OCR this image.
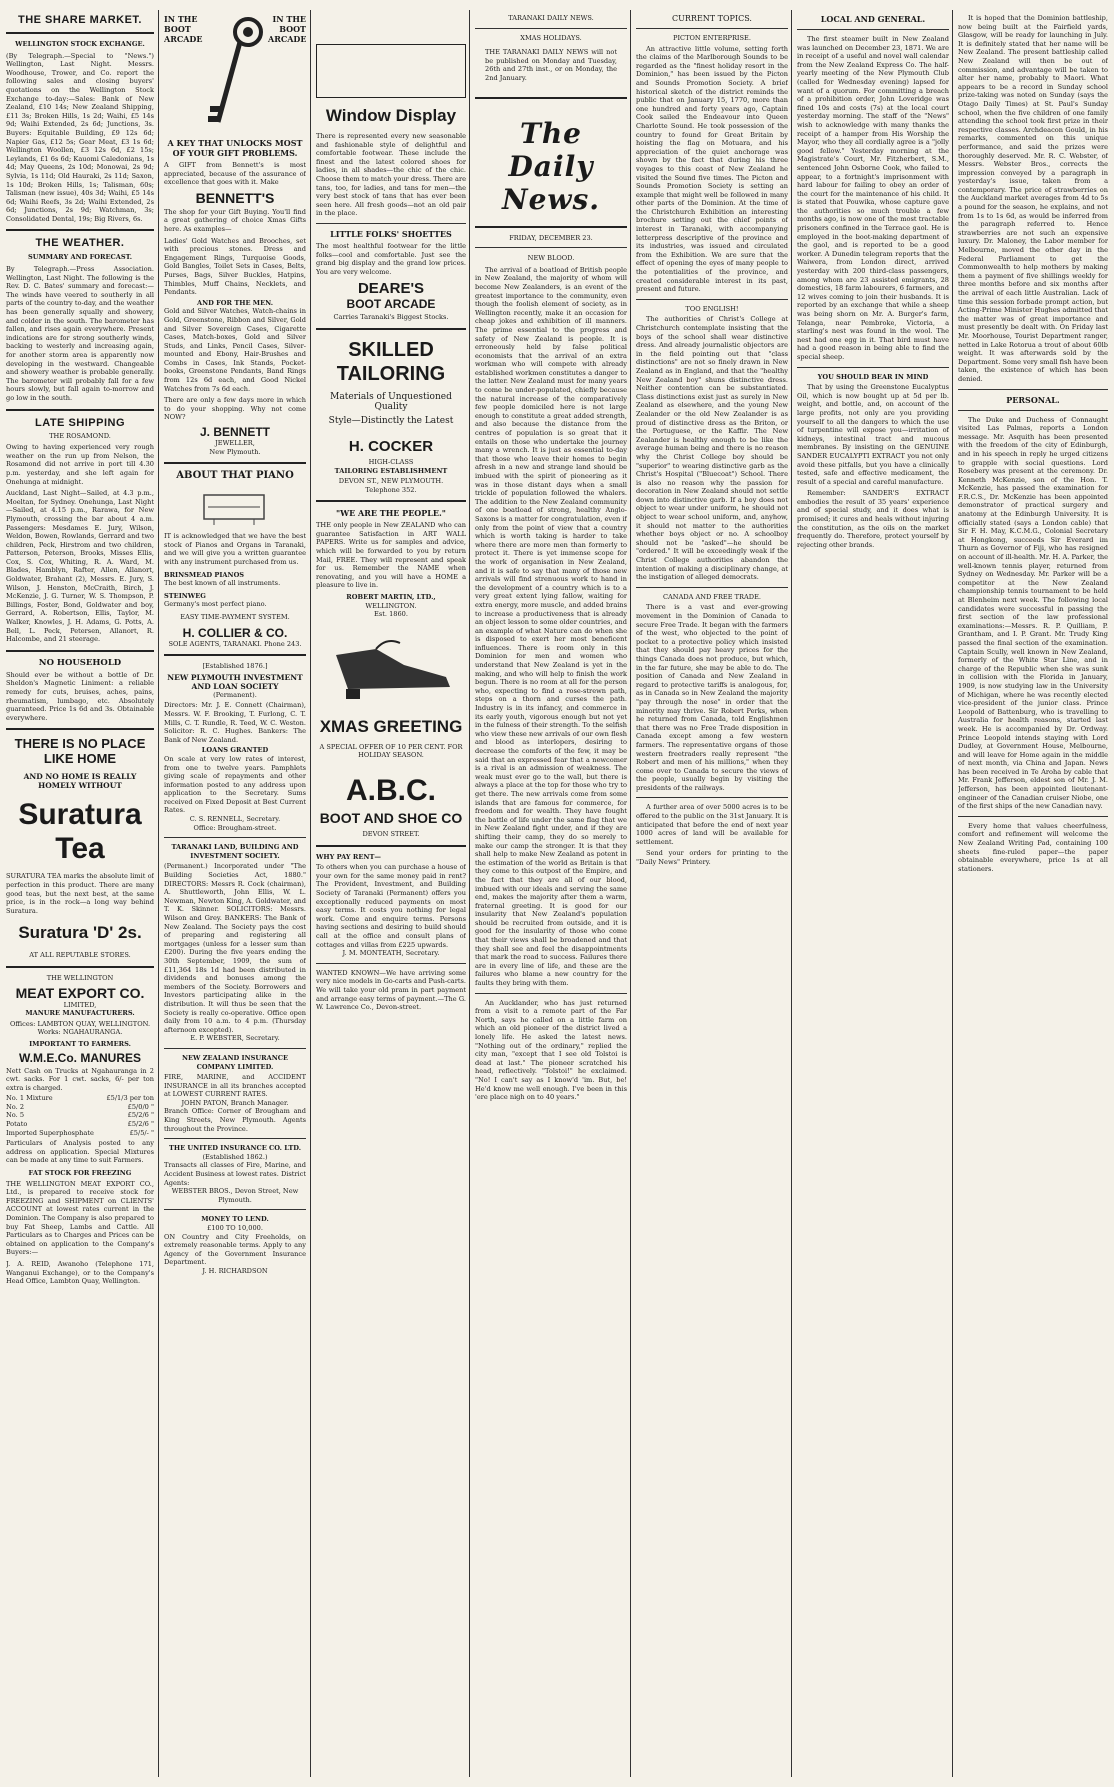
THE SHARE MARKET.
WELLINGTON STOCK EXCHANGE.

(By Telegraph.—Special to "News.") Wellington, Last Night. Messrs. Woodhouse, Trower, and Co. report the following sales and closing buyers' quotations on the Wellington Stock Exchange to-day:—Sales: Bank of New Zealand, £10 14s; New Zealand Shipping, £11 3s; Broken Hills, 1s 2d; Waihi, £5 14s 9d; Waihi Extended, 2s 6d; Junctions, 3s. Buyers: Equitable Building, £9 12s 6d; Napier Gas, £12 5s; Gear Meat, £3 1s 6d; Wellington Woollen, £3 12s 6d, £2 15s; Leylands, £1 6s 6d; Kauomi Caledonians, 1s 4d; May Queens, 2s 10d; Monowai, 2s 9d; Sylvia, 1s 11d; Old Hauraki, 2s 11d; Saxon, 1s 10d; Broken Hills, 1s; Talisman, 60s; Talisman (new issue), 40s 3d; Waihi, £5 14s 6d; Waihi Reefs, 3s 2d; Waihi Extended, 2s 6d; Junctions, 2s 9d; Watchman, 3s; Consolidated Dental, 19s; Big Rivers, 6s.

THE WEATHER.
SUMMARY AND FORECAST.

By Telegraph.—Press Association. Wellington, Last Night. The following is the Rev. D. C. Bates' summary and forecast:—The winds have veered to southerly in all parts of the country to-day, and the weather has been generally squally and showery, and colder in the south. The barometer has fallen, and rises again everywhere. Present indications are for strong southerly winds, backing to westerly and increasing again, for another storm area is apparently now developing in the westward. Changeable and showery weather is probable generally. The barometer will probably fall for a few hours slowly, but fall again to-morrow and go low in the south.

LATE SHIPPING
THE ROSAMOND.

Owing to having experienced very rough weather on the run up from Nelson, the Rosamond did not arrive in port till 4.30 p.m. yesterday, and she left again for Onehunga at midnight.

Auckland, Last Night—Sailed, at 4.3 p.m., Moeltan, for Sydney. Onehunga, Last Night—Sailed, at 4.15 p.m., Rarawa, for New Plymouth, crossing the bar about 4 a.m. Passengers: Mesdames E. Jury, Wilson, Weldon, Bowen, Rowlands, Gerrard and two children, Peck, Hirstrom and two children, Patterson, Peterson, Brooks, Misses Ellis, Cox, S. Cox, Whiting, R. A. Ward, M. Blades, Hamblyn, Rafter, Allen, Allanort, Goldwater, Brahant (2), Messrs. E. Jury, S. Wilson, J. Henston, McCraith, Birch, J. McKenzie, J. G. Turner, W. S. Thompson, P. Billings, Foster, Bond, Goldwater and boy, Gerrard, A. Robertson, Ellis, Taylor, M. Walker, Knowles, J. H. Adams, G. Potts, A. Bell, L. Peck, Petersen, Allanort, R. Halcombe, and 21 steerage.

NO HOUSEHOLD

Should ever be without a bottle of Dr. Sheldon's Magnetic Liniment: a reliable remedy for cuts, bruises, aches, pains, rheumatism, lumbago, etc. Absolutely guaranteed. Price 1s 6d and 3s. Obtainable everywhere.

THERE IS NO PLACE LIKE HOME
AND NO HOME IS REALLY HOMELY WITHOUT
Suratura
Tea

SURATURA TEA marks the absolute limit of perfection in this product. There are many good teas, but the next best, at the same price, is in the rock—a long way behind Suratura.

Suratura 'D' 2s.
AT ALL REPUTABLE STORES.
THE WELLINGTON
MEAT EXPORT CO.
LIMITED,
MANURE MANUFACTURERS.

Offices: LAMBTON QUAY, WELLINGTON. Works: NGAHAURANGA.

IMPORTANT TO FARMERS.
W.M.E.Co. MANURES

Nett Cash on Trucks at Ngahauranga in 2 cwt. sacks. For 1 cwt. sacks, 6/- per ton extra is charged.

No. 1 Mixture	£5/1/3 per ton
No. 2	£5/0/0 "
No. 5	£5/2/6 "
Potato	£5/2/6 "
Imported Superphosphate	£5/5/- "

Particulars of Analysis posted to any address on application. Special Mixtures can be made at any time to suit Farmers.

FAT STOCK FOR FREEZING

THE WELLINGTON MEAT EXPORT CO., Ltd., is prepared to receive stock for FREEZING and SHIPMENT on CLIENTS' ACCOUNT at lowest rates current in the Dominion. The Company is also prepared to buy Fat Sheep, Lambs and Cattle. All Particulars as to Charges and Prices can be obtained on application to the Company's Buyers:—

J. A. REID, Awanoho (Telephone 171, Wanganui Exchange), or to the Company's Head Office, Lambton Quay, Wellington.

IN THE BOOT ARCADE
IN THE BOOT ARCADE
A KEY THAT UNLOCKS MOST OF YOUR GIFT PROBLEMS.

A GIFT from Bennett's is most appreciated, because of the assurance of excellence that goes with it. Make

BENNETT'S

The shop for your Gift Buying. You'll find a great gathering of choice Xmas Gifts here. As examples—

Ladies' Gold Watches and Brooches, set with precious stones. Dress and Engagement Rings, Turquoise Goods, Gold Bangles, Toilet Sets in Cases, Belts, Purses, Bags, Silver Buckles, Hatpins, Thimbles, Muff Chains, Necklets, and Pendants.

AND FOR THE MEN.

Gold and Silver Watches, Watch-chains in Gold, Greenstone, Ribbon and Silver, Gold and Silver Sovereign Cases, Cigarette Cases, Match-boxes, Gold and Silver Studs, and Links, Pencil Cases, Silver-mounted and Ebony, Hair-Brushes and Combs in Cases, Ink Stands, Pocket-books, Greenstone Pendants, Band Rings from 12s 6d each, and Good Nickel Watches from 7s 6d each.

There are only a few days more in which to do your shopping. Why not come NOW?

J. BENNETT
JEWELLER,
New Plymouth.
ABOUT THAT PIANO

IT is acknowledged that we have the best stock of Pianos and Organs in Taranaki, and we will give you a written guarantee with any instrument purchased from us.

BRINSMEAD PIANOS

The best known of all instruments.

STEINWEG

Germany's most perfect piano.

EASY TIME-PAYMENT SYSTEM.
H. COLLIER & CO.

SOLE AGENTS, TARANAKI. Phone 243.

[Established 1876.]
NEW PLYMOUTH INVESTMENT AND LOAN SOCIETY
(Permanent).

Directors: Mr. J. E. Connett (Chairman), Messrs. W. F. Brooking, T. Furlong, C. T. Mills, C. T. Rundle, R. Teed, W. C. Weston. Solicitor: R. C. Hughes. Bankers: The Bank of New Zealand.

LOANS GRANTED

On scale at very low rates of interest, from one to twelve years. Pamphlets giving scale of repayments and other information posted to any address upon application to the Secretary. Sums received on Fixed Deposit at Best Current Rates.

C. S. RENNELL, Secretary.
Office: Brougham-street.
TARANAKI LAND, BUILDING AND INVESTMENT SOCIETY.

(Permanent.) Incorporated under "The Building Societies Act, 1880." DIRECTORS: Messrs R. Cock (chairman), A. Shuttleworth, John Ellis, W. L. Newman, Newton King, A. Goldwater, and T. K. Skinner. SOLICITORS: Messrs. Wilson and Grey. BANKERS: The Bank of New Zealand. The Society pays the cost of preparing and registering all mortgages (unless for a lesser sum than £200). During the five years ending the 30th September, 1909, the sum of £11,364 18s 1d had been distributed in dividends and bonuses among the members of the Society. Borrowers and Investors participating alike in the distribution. It will thus be seen that the Society is really co-operative. Office open daily from 10 a.m. to 4 p.m. (Thursday afternoon excepted).

E. P. WEBSTER, Secretary.
NEW ZEALAND INSURANCE COMPANY LIMITED.

FIRE, MARINE, and ACCIDENT INSURANCE in all its branches accepted at LOWEST CURRENT RATES.

JOHN PATON, Branch Manager.

Branch Office: Corner of Brougham and King Streets, New Plymouth. Agents throughout the Province.

THE UNITED INSURANCE CO. LTD.
(Established 1862.)

Transacts all classes of Fire, Marine, and Accident Business at lowest rates. District Agents:

WEBSTER BROS., Devon Street, New Plymouth.
MONEY TO LEND.
£100 TO 10,000.

ON Country and City Freeholds, on extremely reasonable terms. Apply to any Agency of the Government Insurance Department.

J. H. RICHARDSON
Window Display

There is represented every new seasonable and fashionable style of delightful and comfortable footwear. These include the finest and the latest colored shoes for ladies, in all shades—the chic of the chic. Choose them to match your dress. There are tans, too, for ladies, and tans for men—the very best stock of tans that has ever been seen here. All fresh goods—not an old pair in the place.

LITTLE FOLKS' SHOETTES

The most healthful footwear for the little folks—cool and comfortable. Just see the grand big display and the grand low prices. You are very welcome.

DEARE'S
BOOT ARCADE
Carries Taranaki's Biggest Stocks.
SKILLED TAILORING
Materials of Unquestioned Quality
Style—Distinctly the Latest
H. COCKER
HIGH-CLASS
TAILORING ESTABLISHMENT
DEVON ST., NEW PLYMOUTH.
Telephone 352.
"WE ARE THE PEOPLE."

THE only people in New ZEALAND who can guarantee Satisfaction in ART WALL PAPERS. Write us for samples and advice, which will be forwarded to you by return Mail, FREE. They will represent and speak for us. Remember the NAME when renovating, and you will have a HOME a pleasure to live in.

ROBERT MARTIN, LTD.,
WELLINGTON.
Est. 1860.
XMAS GREETING
A SPECIAL OFFER OF 10 PER CENT. FOR HOLIDAY SEASON.
A.B.C.
BOOT AND SHOE CO
DEVON STREET.
WHY PAY RENT—

To others when you can purchase a house of your own for the same money paid in rent? The Provident, Investment, and Building Society of Taranaki (Permanent) offers you exceptionally reduced payments on most easy terms. It costs you nothing for legal work. Come and enquire terms. Persons having sections and desiring to build should call at the office and consult plans of cottages and villas from £225 upwards.

J. M. MONTEATH, Secretary.

WANTED KNOWN—We have arriving some very nice models in Go-carts and Push-carts. We will take your old pram in part payment and arrange easy terms of payment.—The G. W. Lawrence Co., Devon-street.

TARANAKI DAILY NEWS.
XMAS HOLIDAYS.

THE TARANAKI DAILY NEWS will not be published on Monday and Tuesday, 26th and 27th inst., or on Monday, the 2nd January.

The Daily News.
FRIDAY, DECEMBER 23.
NEW BLOOD.

The arrival of a boatload of British people in New Zealand, the majority of whom will become New Zealanders, is an event of the greatest importance to the community, even though the foolish element of society, as in Wellington recently, make it an occasion for cheap jokes and exhibition of ill manners. The prime essential to the progress and safety of New Zealand is people. It is erroneously held by false political economists that the arrival of an extra workman who will compete with already established workmen constitutes a danger to the latter. New Zealand must for many years to come be under-populated, chiefly because the natural increase of the comparatively few people domiciled here is not large enough to constitute a great added strength, and also because the distance from the centres of population is so great that it entails on those who undertake the journey many a wrench. It is just as essential to-day that those who leave their homes to begin afresh in a new and strange land should be imbued with the spirit of pioneering as it was in those distant days when a small trickle of population followed the whalers. The addition to the New Zealand community of one boatload of strong, healthy Anglo-Saxons is a matter for congratulation, even if only from the point of view that a country which is worth taking is harder to take where there are more men than formerly to protect it. There is yet immense scope for the work of organisation in New Zealand, and it is safe to say that many of those new arrivals will find strenuous work to hand in the development of a country which is to a very great extent lying fallow, waiting for extra energy, more muscle, and added brains to increase a productiveness that is already an object lesson to some older countries, and an example of what Nature can do when she is disposed to exert her most beneficent influences. There is room only in this Dominion for men and women who understand that New Zealand is yet in the making, and who will help to finish the work begun. There is no room at all for the person who, expecting to find a rose-strewn path, steps on a thorn and curses the path. Industry is in its infancy, and commerce in its early youth, vigorous enough but not yet in the fulness of their strength. To the selfish who view these new arrivals of our own flesh and blood as interlopers, desiring to decrease the comforts of the few, it may be said that an expressed fear that a newcomer is a rival is an admission of weakness. The weak must ever go to the wall, but there is always a place at the top for those who try to get there. The new arrivals come from some islands that are famous for commerce, for freedom and for wealth. They have fought the battle of life under the same flag that we in New Zealand fight under, and if they are shifting their camp, they do so merely to make our camp the stronger. It is that they shall help to make New Zealand as potent in the estimation of the world as Britain is that they come to this outpost of the Empire, and the fact that they are all of our blood, imbued with our ideals and serving the same end, makes the majority after them a warm, fraternal greeting. It is good for our insularity that New Zealand's population should be recruited from outside, and it is good for the insularity of those who come that their views shall be broadened and that they shall see and feel the disappointments that mark the road to success. Failures there are in every line of life, and these are the failures who blame a new country for the faults they bring with them.

An Aucklander, who has just returned from a visit to a remote part of the Far North, says he called on a little farm on which an old pioneer of the district lived a lonely life. He asked the latest news. "Nothing out of the ordinary," replied the city man, "except that I see old Tolstoi is dead at last." The pioneer scratched his head, reflectively. "Tolstoi!" he exclaimed. "No! I can't say as I know'd 'im. But, be! He'd know me well enough. I've been in this 'ere place nigh on to 40 years."

CURRENT TOPICS.
PICTON ENTERPRISE.

An attractive little volume, setting forth the claims of the Marlborough Sounds to be regarded as the "finest holiday resort in the Dominion," has been issued by the Picton and Sounds Promotion Society. A brief historical sketch of the district reminds the public that on January 15, 1770, more than one hundred and forty years ago, Captain Cook sailed the Endeavour into Queen Charlotte Sound. He took possession of the country to found for Great Britain by hoisting the flag on Motuara, and his appreciation of the quiet anchorage was shown by the fact that during his three voyages to this coast of New Zealand he visited the Sound five times. The Picton and Sounds Promotion Society is setting an example that might well be followed in many other parts of the Dominion. At the time of the Christchurch Exhibition an interesting brochure setting out the chief points of interest in Taranaki, with accompanying letterpress descriptive of the province and its industries, was issued and circulated from the Exhibition. We are sure that the effect of opening the eyes of many people to the potentialities of the province, and created considerable interest in its past, present and future.

TOO ENGLISH!

The authorities of Christ's College at Christchurch contemplate insisting that the boys of the school shall wear distinctive dress. And already journalistic objectors are in the field pointing out that "class distinctions" are not so finely drawn in New Zealand as in England, and that the "healthy New Zealand boy" shuns distinctive dress. Neither contention can be substantiated. Class distinctions exist just as surely in New Zealand as elsewhere, and the young New Zealander or the old New Zealander is as proud of distinctive dress as the Briton, or the Portuguese, or the Kaffir. The New Zealander is healthy enough to be like the average human being and there is no reason why the Christ College boy should be "superior" to wearing distinctive garb as the Christ's Hospital ("Bluecoat") School. There is also no reason why the passion for decoration in New Zealand should not settle down into distinctive garb. If a boy does not object to wear under uniform, he should not object to wear school uniform, and, anyhow, it should not matter to the authorities whether boys object or no. A schoolboy should not be "asked"—he should be "ordered." It will be exceedingly weak if the Christ College authorities abandon the intention of making a disciplinary change, at the instigation of alleged democrats.

CANADA AND FREE TRADE.

There is a vast and ever-growing movement in the Dominion of Canada to secure Free Trade. It began with the farmers of the west, who objected to the point of pocket to a protective policy which insisted that they should pay heavy prices for the things Canada does not produce, but which, in the far future, she may be able to do. The position of Canada and New Zealand in regard to protective tariffs is analogous, for, as in Canada so in New Zealand the majority "pay through the nose" in order that the minority may thrive. Sir Robert Perks, when he returned from Canada, told Englishmen that there was no Free Trade disposition in Canada except among a few western farmers. The representative organs of those western freetraders really represent "the Robert and men of his millions," when they come over to Canada to secure the views of the people, usually begin by visiting the presidents of the railways.

A further area of over 5000 acres is to be offered to the public on the 31st January. It is anticipated that before the end of next year 1000 acres of land will be available for settlement.

Send your orders for printing to the "Daily News" Printery.

LOCAL AND GENERAL.

The first steamer built in New Zealand was launched on December 23, 1871. We are in receipt of a useful and novel wall calendar from the New Zealand Express Co. The half-yearly meeting of the New Plymouth Club (called for Wednesday evening) lapsed for want of a quorum. For committing a breach of a prohibition order, John Loveridge was fined 10s and costs (7s) at the local court yesterday morning. The staff of the "News" wish to acknowledge with many thanks the receipt of a hamper from His Worship the Mayor, who they all cordially agree is a "jolly good fellow." Yesterday morning at the Magistrate's Court, Mr. Fitzherbert, S.M., sentenced John Osborne Cook, who failed to appear, to a fortnight's imprisonment with hard labour for failing to obey an order of the court for the maintenance of his child. It is stated that Pouwika, whose capture gave the authorities so much trouble a few months ago, is now one of the most tractable prisoners confined in the Terrace gaol. He is employed in the boot-making department of the gaol, and is reported to be a good worker. A Dunedin telegram reports that the Waiwera, from London direct, arrived yesterday with 200 third-class passengers, among whom are 23 assisted emigrants, 28 domestics, 18 farm labourers, 6 farmers, and 12 wives coming to join their husbands. It is reported by an exchange that while a sheep was being shorn on Mr. A. Burger's farm, Telanga, near Pembroke, Victoria, a starling's nest was found in the wool. The nest had one egg in it. That bird must have had a good reason in being able to find the special sheep.

YOU SHOULD BEAR IN MIND

That by using the Greenstone Eucalyptus Oil, which is now bought up at 5d per lb. weight, and bottle, and, on account of the large profits, not only are you providing yourself to all the dangers to which the use of turpentine will expose you—irritation of kidneys, intestinal tract and mucous membranes. By insisting on the GENUINE SANDER EUCALYPTI EXTRACT you not only avoid these pitfalls, but you have a clinically tested, safe and effective medicament, the result of a special and careful manufacture.

Remember: SANDER'S EXTRACT embodies the result of 35 years' experience and of special study, and it does what is promised; it cures and heals without injuring the constitution, as the oils on the market frequently do. Therefore, protect yourself by rejecting other brands.

It is hoped that the Dominion battleship, now being built at the Fairfield yards, Glasgow, will be ready for launching in July. It is definitely stated that her name will be New Zealand. The present battleship called New Zealand will then be out of commission, and advantage will be taken to alter her name, probably to Maori. What appears to be a record in Sunday school prize-taking was noted on Sunday (says the Otago Daily Times) at St. Paul's Sunday school, when the five children of one family attending the school took first prize in their respective classes. Archdeacon Gould, in his remarks, commented on this unique performance, and said the prizes were thoroughly deserved. Mr. R. C. Webster, of Messrs. Webster Bros., corrects the impression conveyed by a paragraph in yesterday's issue, taken from a contemporary. The price of strawberries on the Auckland market averages from 4d to 5s a pound for the season, he explains, and not from 1s to 1s 6d, as would be inferred from the paragraph referred to. Hence strawberries are not such an expensive luxury. Dr. Maloney, the Labor member for Melbourne, moved the other day in the Federal Parliament to get the Commonwealth to help mothers by making them a payment of five shillings weekly for three months before and six months after the arrival of each little Australian. Lack of time this session forbade prompt action, but Acting-Prime Minister Hughes admitted that the matter was of great importance and must presently be dealt with. On Friday last Mr. Moorhouse, Tourist Department ranger, netted in Lake Rotorua a trout of about 60lb weight. It was afterwards sold by the Department. Some very small fish have been taken, the existence of which has been denied.

PERSONAL.

The Duke and Duchess of Connaught visited Las Palmas, reports a London message. Mr. Asquith has been presented with the freedom of the city of Edinburgh, and in his speech in reply he urged citizens to grapple with social questions. Lord Rosebery was present at the ceremony. Dr. Kenneth McKenzie, son of the Hon. T. McKenzie, has passed the examination for F.R.C.S., Dr. McKenzie has been appointed demonstrator of practical surgery and anatomy at the Edinburgh University. It is officially stated (says a London cable) that Sir F. H. May, K.C.M.G., Colonial Secretary at Hongkong, succeeds Sir Everard im Thurn as Governor of Fiji, who has resigned on account of ill-health. Mr. H. A. Parker, the well-known tennis player, returned from Sydney on Wednesday. Mr. Parker will be a competitor at the New Zealand championship tennis tournament to be held at Blenheim next week. The following local candidates were successful in passing the first section of the law professional examinations:—Messrs. R. P. Quilliam, P. Grantham, and I. P. Grant. Mr. Trudy King passed the final section of the examination. Captain Scully, well known in New Zealand, formerly of the White Star Line, and in charge of the Republic when she was sunk in collision with the Florida in January, 1909, is now studying law in the University of Michigan, where he was recently elected vice-president of the junior class. Prince Leopold of Battenburg, who is travelling to Australia for health reasons, started last week. He is accompanied by Dr. Ordway. Prince Leopold intends staying with Lord Dudley, at Government House, Melbourne, and will leave for Home again in the middle of next month, via China and Japan. News has been received in Te Aroha by cable that Mr. Frank Jefferson, eldest son of Mr. J. M. Jefferson, has been appointed lieutenant-engineer of the Canadian cruiser Niobe, one of the first ships of the new Canadian navy.

Every home that values cheerfulness, comfort and refinement will welcome the New Zealand Writing Pad, containing 100 sheets fine-ruled paper—the paper obtainable everywhere, price 1s at all stationers.
